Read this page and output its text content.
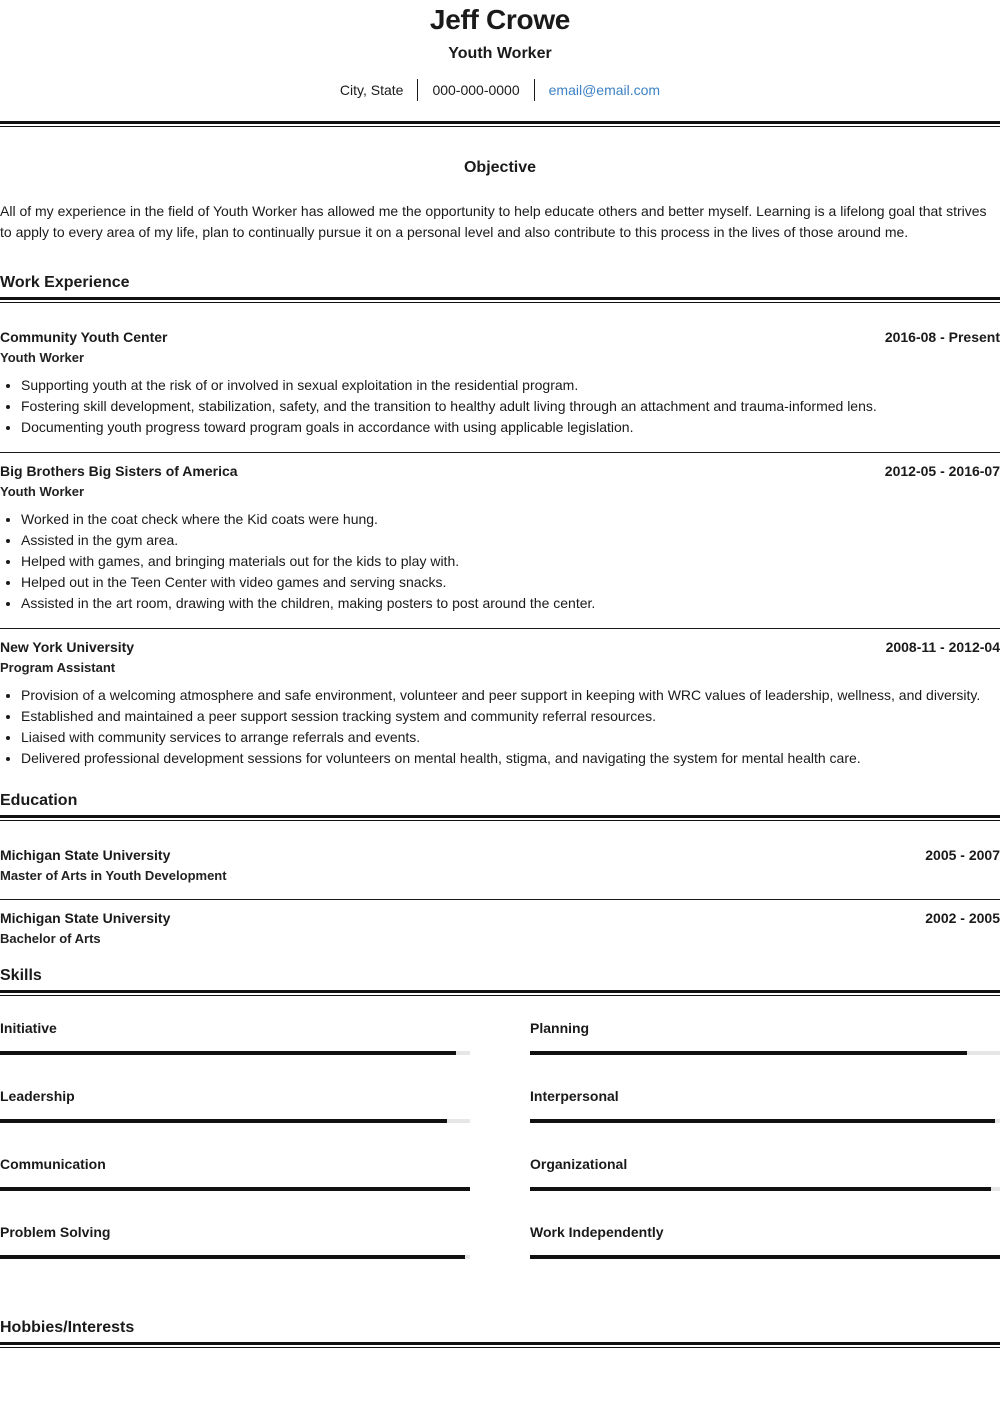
Jeff Crowe
Youth Worker
City, State	000-000-0000	email@email.com
Objective
All of my experience in the field of Youth Worker has allowed me the opportunity to help educate others and better myself. Learning is a lifelong goal that strives to apply to every area of my life, plan to continually pursue it on a personal level and also contribute to this process in the lives of those around me.
Work Experience
Community Youth Center	2016-08 - Present
Youth Worker
• Supporting youth at the risk of or involved in sexual exploitation in the residential program.
• Fostering skill development, stabilization, safety, and the transition to healthy adult living through an attachment and trauma-informed lens.
• Documenting youth progress toward program goals in accordance with using applicable legislation.
Big Brothers Big Sisters of America	2012-05 - 2016-07
Youth Worker
• Worked in the coat check where the Kid coats were hung.
• Assisted in the gym area.
• Helped with games, and bringing materials out for the kids to play with.
• Helped out in the Teen Center with video games and serving snacks.
• Assisted in the art room, drawing with the children, making posters to post around the center.
New York University	2008-11 - 2012-04
Program Assistant
• Provision of a welcoming atmosphere and safe environment, volunteer and peer support in keeping with WRC values of leadership, wellness, and diversity.
• Established and maintained a peer support session tracking system and community referral resources.
• Liaised with community services to arrange referrals and events.
• Delivered professional development sessions for volunteers on mental health, stigma, and navigating the system for mental health care.
Education
Michigan State University	2005 - 2007
Master of Arts in Youth Development
Michigan State University	2002 - 2005
Bachelor of Arts
Skills
Initiative	Planning
Leadership	Interpersonal
Communication	Organizational
Problem Solving	Work Independently
Hobbies/Interests
